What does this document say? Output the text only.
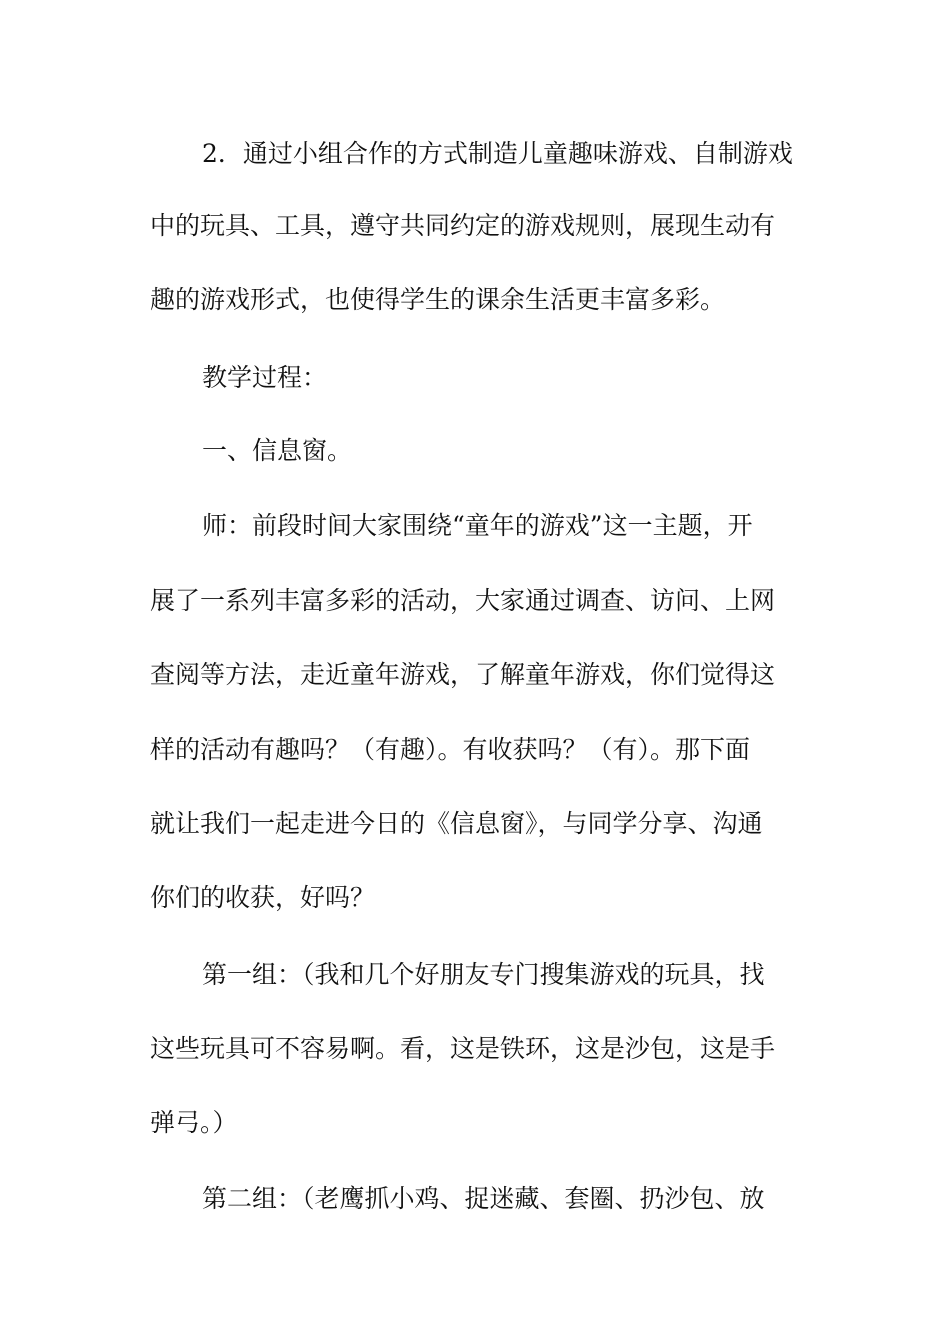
2．通过小组合作的方式制造儿童趣味游戏、自制游戏
中的玩具、工具，遵守共同约定的游戏规则，展现生动有
趣的游戏形式，也使得学生的课余生活更丰富多彩。
教学过程：
一、信息窗。
师：前段时间大家围绕“童年的游戏”这一主题，开
展了一系列丰富多彩的活动，大家通过调查、访问、上网
查阅等方法，走近童年游戏，了解童年游戏，你们觉得这
样的活动有趣吗？（有趣）。有收获吗？（有）。那下面
就让我们一起走进今日的《信息窗》，与同学分享、沟通
你们的收获，好吗？
第一组：（我和几个好朋友专门搜集游戏的玩具，找
这些玩具可不容易啊。看，这是铁环，这是沙包，这是手
弹弓。）
第二组：（老鹰抓小鸡、捉迷藏、套圈、扔沙包、放
